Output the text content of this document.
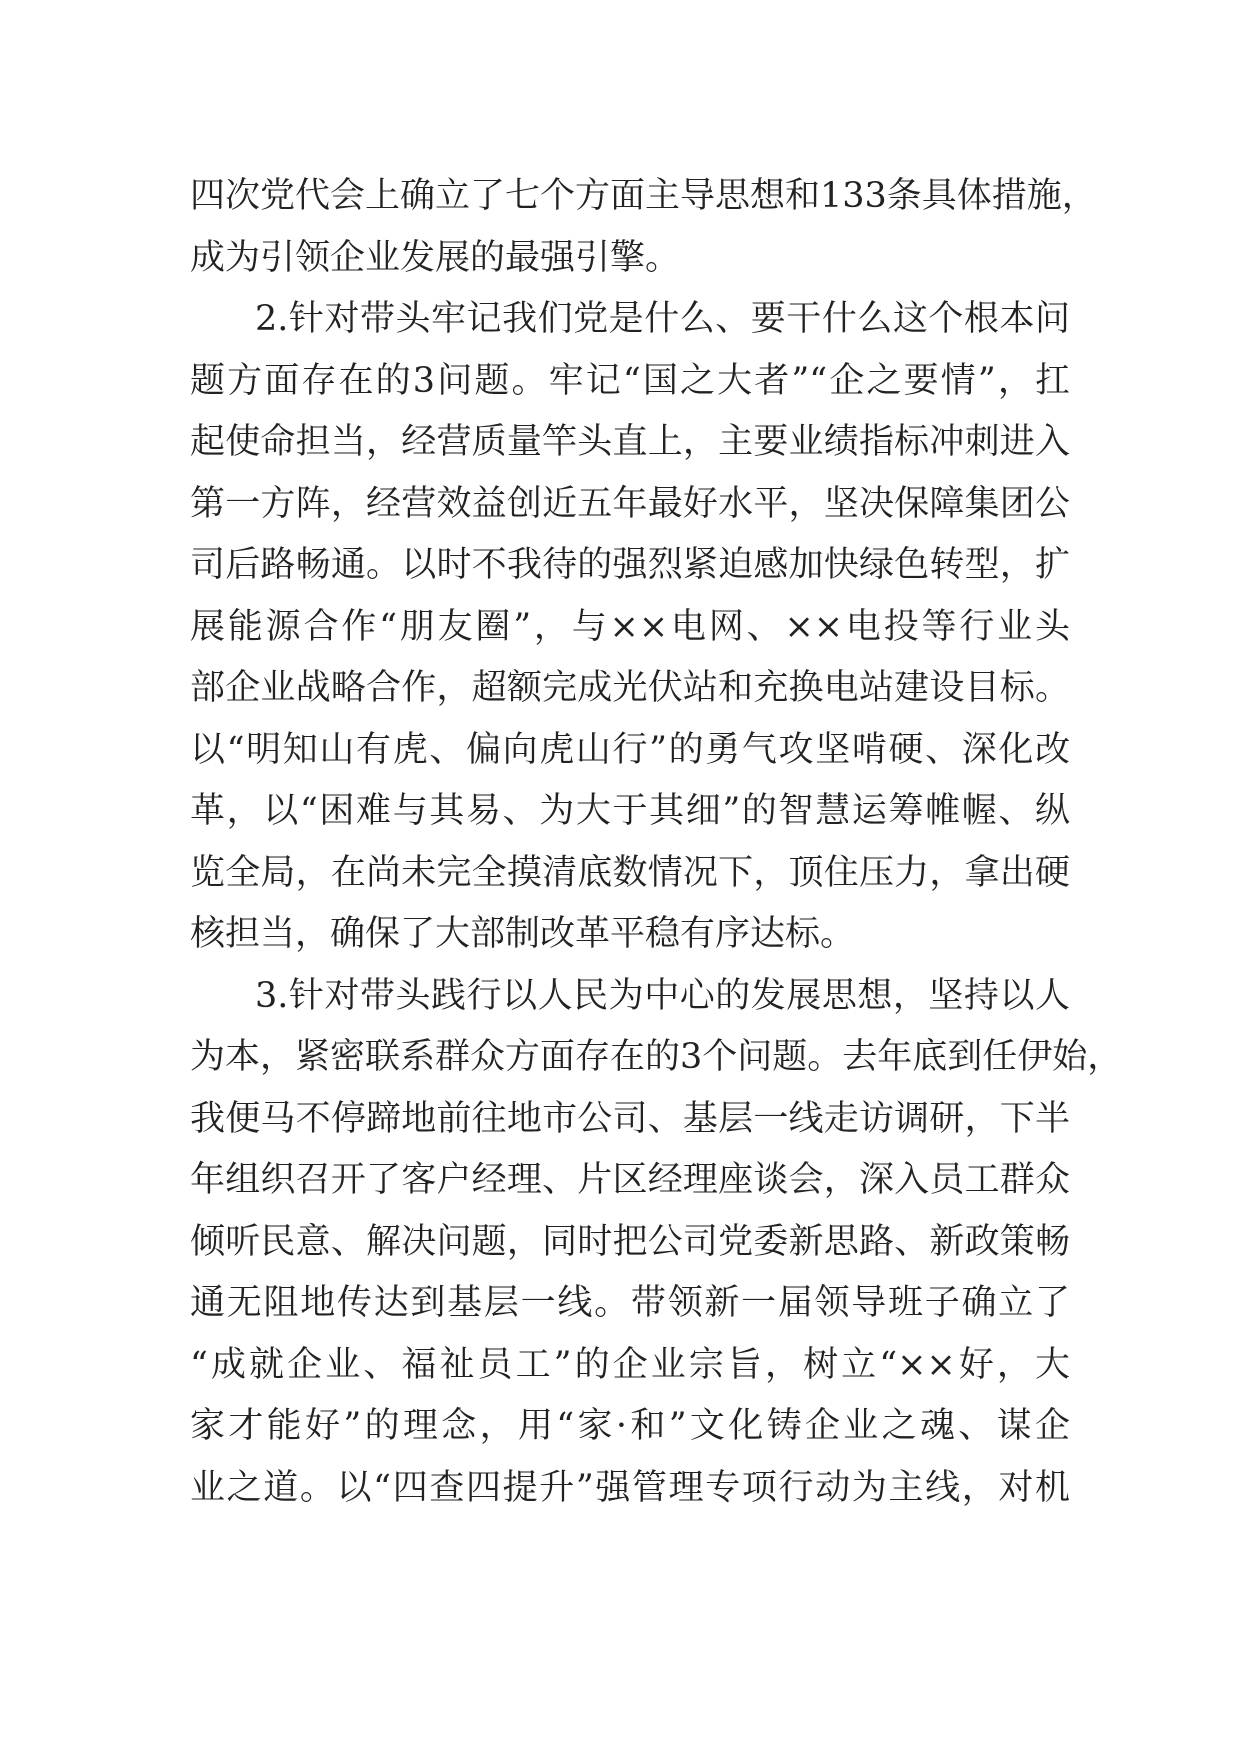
四次党代会上确立了七个方面主导思想和133条具体措施，
成为引领企业发展的最强引擎。
2.针对带头牢记我们党是什么、要干什么这个根本问
题方面存在的3问题。牢记“国之大者”“企之要情”，扛
起使命担当，经营质量竿头直上，主要业绩指标冲刺进入
第一方阵，经营效益创近五年最好水平，坚决保障集团公
司后路畅通。以时不我待的强烈紧迫感加快绿色转型，扩
展能源合作“朋友圈”，与××电网、××电投等行业头
部企业战略合作，超额完成光伏站和充换电站建设目标。
以“明知山有虎、偏向虎山行”的勇气攻坚啃硬、深化改
革，以“困难与其易、为大于其细”的智慧运筹帷幄、纵
览全局，在尚未完全摸清底数情况下，顶住压力，拿出硬
核担当，确保了大部制改革平稳有序达标。
3.针对带头践行以人民为中心的发展思想，坚持以人
为本，紧密联系群众方面存在的3个问题。去年底到任伊始，
我便马不停蹄地前往地市公司、基层一线走访调研，下半
年组织召开了客户经理、片区经理座谈会，深入员工群众
倾听民意、解决问题，同时把公司党委新思路、新政策畅
通无阻地传达到基层一线。带领新一届领导班子确立了
“成就企业、福祉员工”的企业宗旨，树立“××好，大
家才能好”的理念，用“家·和”文化铸企业之魂、谋企
业之道。以“四查四提升”强管理专项行动为主线，对机
